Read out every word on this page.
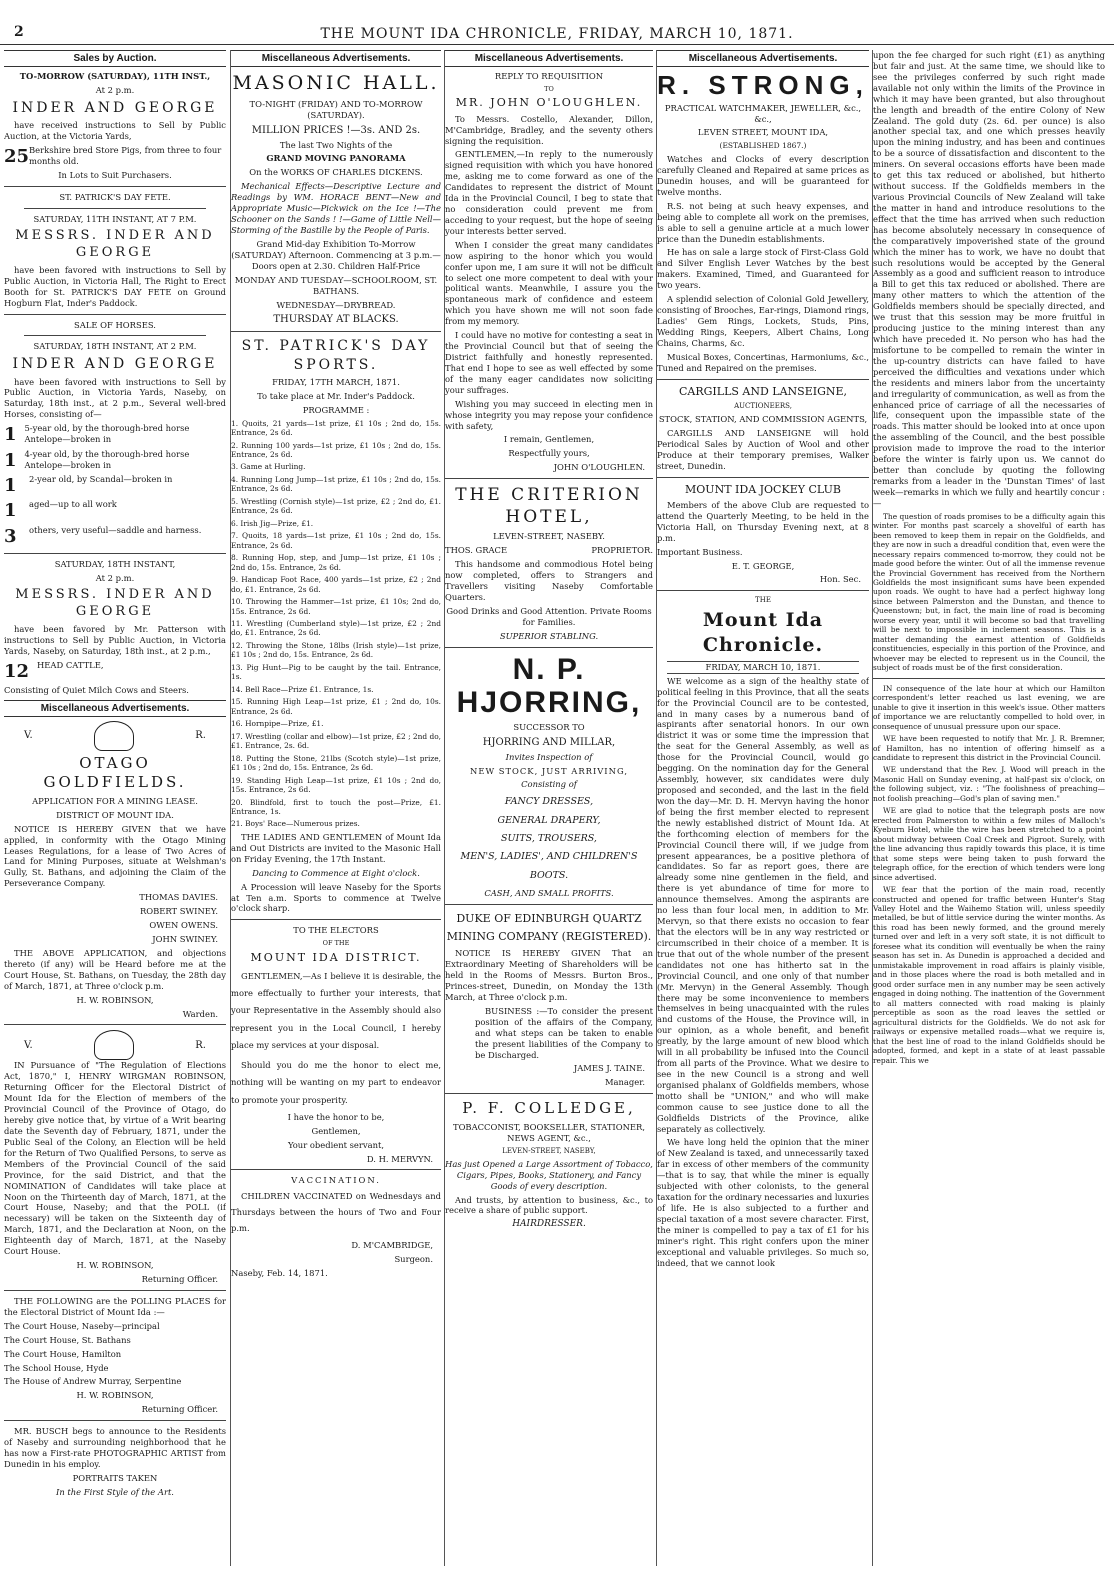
2	THE MOUNT IDA CHRONICLE, FRIDAY, MARCH 10, 1871.
Sales by Auction.

TO-MORROW (SATURDAY), 11TH INST.,

At 2 p.m.

INDER AND GEORGE

have received instructions to Sell by Public Auction, at the Victoria Yards,

25 Berkshire bred Store Pigs, from three to four months old.

In Lots to Suit Purchasers.

ST. PATRICK'S DAY FETE.

SATURDAY, 11TH INSTANT, AT 7 P.M.

MESSRS. INDER AND GEORGE

have been favored with instructions to Sell by Public Auction, in Victoria Hall, The Right to Erect Booth for St. PATRICK'S DAY FETE on Ground Hogburn Flat, Inder's Paddock.

SALE OF HORSES.

SATURDAY, 18TH INSTANT, AT 2 P.M.

INDER AND GEORGE

have been favored with instructions to Sell by Public Auction, in Victoria Yards, Naseby, on Saturday, 18th inst., at 2 p.m., Several well-bred Horses, consisting of—

1 5-year old, by the thorough-bred horse Antelope—broken in
1 4-year old, by the thorough-bred horse Antelope—broken in
1	2-year old, by Scandal—broken in
1	aged—up to all work
3	others, very useful—saddle and harness.

SATURDAY, 18TH INSTANT,

At 2 p.m.

MESSRS. INDER AND GEORGE

have been favored by Mr. Patterson with instructions to Sell by Public Auction, in Victoria Yards, Naseby, on Saturday, 18th inst., at 2 p.m.,

12 HEAD CATTLE,

Consisting of Quiet Milch Cows and Steers.

Miscellaneous Advertisements.
V.	R.

OTAGO GOLDFIELDS.

APPLICATION FOR A MINING LEASE.

DISTRICT OF MOUNT IDA.

NOTICE IS HEREBY GIVEN that we have applied, in conformity with the Otago Mining Leases Regulations, for a lease of Two Acres of Land for Mining Purposes, situate at Welshman's Gully, St. Bathans, and adjoining the Claim of the Perseverance Company.

THOMAS DAVIES.

ROBERT SWINEY.

OWEN OWENS.

JOHN SWINEY.

THE ABOVE APPLICATION, and objections thereto (if any) will be Heard before me at the Court House, St. Bathans, on Tuesday, the 28th day of March, 1871, at Three o'clock p.m.

H. W. ROBINSON,

Warden.

V.	R.

IN Pursuance of "The Regulation of Elections Act, 1870," I, HENRY WIRGMAN ROBINSON, Returning Officer for the Electoral District of Mount Ida for the Election of members of the Provincial Council of the Province of Otago, do hereby give notice that, by virtue of a Writ bearing date the Seventh day of February, 1871, under the Public Seal of the Colony, an Election will be held for the Return of Two Qualified Persons, to serve as Members of the Provincial Council of the said Province, for the said District, and that the NOMINATION of Candidates will take place at Noon on the Thirteenth day of March, 1871, at the Court House, Naseby; and that the POLL (if necessary) will be taken on the Sixteenth day of March, 1871, and the Declaration at Noon, on the Eighteenth day of March, 1871, at the Naseby Court House.

H. W. ROBINSON,

Returning Officer.

THE FOLLOWING are the POLLING PLACES for the Electoral District of Mount Ida :—

The Court House, Naseby—principal

The Court House, St. Bathans

The Court House, Hamilton

The School House, Hyde

The House of Andrew Murray, Serpentine

H. W. ROBINSON,

Returning Officer.

MR. BUSCH begs to announce to the Residents of Naseby and surrounding neighborhood that he has now a First-rate PHOTOGRAPHIC ARTIST from Dunedin in his employ.

PORTRAITS TAKEN

In the First Style of the Art.

Miscellaneous Advertisements.

MASONIC HALL.

TO-NIGHT (FRIDAY) AND TO-MORROW (SATURDAY).

MILLION PRICES !—3s. AND 2s.

The last Two Nights of the

GRAND MOVING PANORAMA

On the WORKS OF CHARLES DICKENS.

Mechanical Effects—Descriptive Lecture and Readings by WM. HORACE BENT—New and Appropriate Music—Pickwick on the Ice !—The Schooner on the Sands ! !—Game of Little Nell—Storming of the Bastille by the People of Paris.

Grand Mid-day Exhibition To-Morrow (SATURDAY) Afternoon. Commencing at 3 p.m.—Doors open at 2.30. Children Half-Price

MONDAY AND TUESDAY—SCHOOLROOM, ST. BATHANS.

WEDNESDAY—DRYBREAD.

THURSDAY AT BLACKS.

ST. PATRICK'S DAY SPORTS.

FRIDAY, 17TH MARCH, 1871.

To take place at Mr. Inder's Paddock.

PROGRAMME :

1. Quoits, 21 yards—1st prize, £1 10s ; 2nd do, 15s. Entrance, 2s 6d.

2. Running 100 yards—1st prize, £1 10s ; 2nd do, 15s. Entrance, 2s 6d.

3. Game at Hurling.

4. Running Long Jump—1st prize, £1 10s ; 2nd do, 15s. Entrance, 2s 6d.

5. Wrestling (Cornish style)—1st prize, £2 ; 2nd do, £1. Entrance, 2s 6d.

6. Irish Jig—Prize, £1.

7. Quoits, 18 yards—1st prize, £1 10s ; 2nd do, 15s. Entrance, 2s 6d.

8. Running Hop, step, and Jump—1st prize, £1 10s ; 2nd do, 15s. Entrance, 2s 6d.

9. Handicap Foot Race, 400 yards—1st prize, £2 ; 2nd do, £1. Entrance, 2s 6d.

10. Throwing the Hammer—1st prize, £1 10s; 2nd do, 15s. Entrance, 2s 6d.

11. Wrestling (Cumberland style)—1st prize, £2 ; 2nd do, £1. Entrance, 2s 6d.

12. Throwing the Stone, 18lbs (Irish style)—1st prize, £1 10s ; 2nd do, 15s. Entrance, 2s 6d.

13. Pig Hunt—Pig to be caught by the tail. Entrance, 1s.

14. Bell Race—Prize £1. Entrance, 1s.

15. Running High Leap—1st prize, £1 ; 2nd do, 10s. Entrance, 2s 6d.

16. Hornpipe—Prize, £1.

17. Wrestling (collar and elbow)—1st prize, £2 ; 2nd do, £1. Entrance, 2s. 6d.

18. Putting the Stone, 21lbs (Scotch style)—1st prize, £1 10s ; 2nd do, 15s. Entrance, 2s 6d.

19. Standing High Leap—1st prize, £1 10s ; 2nd do, 15s. Entrance, 2s 6d.

20. Blindfold, first to touch the post—Prize, £1. Entrance, 1s.

21. Boys' Race—Numerous prizes.

THE LADIES AND GENTLEMEN of Mount Ida and Out Districts are invited to the Masonic Hall on Friday Evening, the 17th Instant.

Dancing to Commence at Eight o'clock.

A Procession will leave Naseby for the Sports at Ten a.m. Sports to commence at Twelve o'clock sharp.

TO THE ELECTORS

OF THE

MOUNT IDA DISTRICT.

GENTLEMEN,—As I believe it is desirable, the more effectually to further your interests, that your Representative in the Assembly should also represent you in the Local Council, I hereby place my services at your disposal.

Should you do me the honor to elect me, nothing will be wanting on my part to endeavor to promote your prosperity.

I have the honor to be,

Gentlemen,

Your obedient servant,

D. H. MERVYN.

VACCINATION.

CHILDREN VACCINATED on Wednesdays and Thursdays between the hours of Two and Four p.m.

D. M'CAMBRIDGE,

Surgeon.

Naseby, Feb. 14, 1871.

Miscellaneous Advertisements.

REPLY TO REQUISITION

TO

MR. JOHN O'LOUGHLEN.

To Messrs. Costello, Alexander, Dillon, M'Cambridge, Bradley, and the seventy others signing the requisition.

GENTLEMEN,—In reply to the numerously signed requisition with which you have honored me, asking me to come forward as one of the Candidates to represent the district of Mount Ida in the Provincial Council, I beg to state that no consideration could prevent me from acceding to your request, but the hope of seeing your interests better served.

When I consider the great many candidates now aspiring to the honor which you would confer upon me, I am sure it will not be difficult to select one more competent to deal with your political wants. Meanwhile, I assure you the spontaneous mark of confidence and esteem which you have shown me will not soon fade from my memory.

I could have no motive for contesting a seat in the Provincial Council but that of seeing the District faithfully and honestly represented. That end I hope to see as well effected by some of the many eager candidates now soliciting your suffrages.

Wishing you may succeed in electing men in whose integrity you may repose your confidence with safety,

I remain, Gentlemen,

Respectfully yours,

JOHN O'LOUGHLEN.

THE CRITERION HOTEL,

LEVEN-STREET, NASEBY.

THOS. GRACE	PROPRIETOR.

This handsome and commodious Hotel being now completed, offers to Strangers and Travellers visiting Naseby Comfortable Quarters.

Good Drinks and Good Attention. Private Rooms for Families.

SUPERIOR STABLING.

N. P. HJORRING,

SUCCESSOR TO

HJORRING AND MILLAR,

Invites Inspection of

NEW STOCK, JUST ARRIVING,

Consisting of

FANCY DRESSES,

GENERAL DRAPERY,

SUITS, TROUSERS,

MEN'S, LADIES', AND CHILDREN'S

BOOTS.

CASH, AND SMALL PROFITS.

DUKE OF EDINBURGH QUARTZ MINING COMPANY (REGISTERED).

NOTICE IS HEREBY GIVEN That an Extraordinary Meeting of Shareholders will be held in the Rooms of Messrs. Burton Bros., Princes-street, Dunedin, on Monday the 13th March, at Three o'clock p.m.

BUSINESS :—To consider the present position of the affairs of the Company, and what steps can be taken to enable the present liabilities of the Company to be Discharged.

JAMES J. TAINE.

Manager.

P. F. COLLEDGE,

TOBACCONIST, BOOKSELLER, STATIONER, NEWS AGENT, &c.,

LEVEN-STREET, NASEBY,

Has just Opened a Large Assortment of Tobacco, Cigars, Pipes, Books, Stationery, and Fancy Goods of every description.

And trusts, by attention to business, &c., to receive a share of public support.

HAIRDRESSER.

Miscellaneous Advertisements.

R. STRONG,

PRACTICAL WATCHMAKER, JEWELLER, &c., &c.,

LEVEN STREET, MOUNT IDA,

(ESTABLISHED 1867.)

Watches and Clocks of every description carefully Cleaned and Repaired at same prices as Dunedin houses, and will be guaranteed for twelve months.

R.S. not being at such heavy expenses, and being able to complete all work on the premises, is able to sell a genuine article at a much lower price than the Dunedin establishments.

He has on sale a large stock of First-Class Gold and Silver English Lever Watches by the best makers. Examined, Timed, and Guaranteed for two years.

A splendid selection of Colonial Gold Jewellery, consisting of Brooches, Ear-rings, Diamond rings, Ladies' Gem Rings, Lockets, Studs, Pins, Wedding Rings, Keepers, Albert Chains, Long Chains, Charms, &c.

Musical Boxes, Concertinas, Harmoniums, &c., Tuned and Repaired on the premises.

CARGILLS AND LANSEIGNE,

AUCTIONEERS,

STOCK, STATION, AND COMMISSION AGENTS,

CARGILLS AND LANSEIGNE will hold Periodical Sales by Auction of Wool and other Produce at their temporary premises, Walker street, Dunedin.

MOUNT IDA JOCKEY CLUB

Members of the above Club are requested to attend the Quarterly Meeting, to be held in the Victoria Hall, on Thursday Evening next, at 8 p.m.

Important Business.

E. T. GEORGE,

Hon. Sec.

THE

Mount Ida Chronicle.

FRIDAY, MARCH 10, 1871.

WE welcome as a sign of the healthy state of political feeling in this Province, that all the seats for the Provincial Council are to be contested, and in many cases by a numerous band of aspirants after senatorial honors. In our own district it was or some time the impression that the seat for the General Assembly, as well as those for the Provincial Council, would go begging. On the nomination day for the General Assembly, however, six candidates were duly proposed and seconded, and the last in the field won the day—Mr. D. H. Mervyn having the honor of being the first member elected to represent the newly established district of Mount Ida. At the forthcoming election of members for the Provincial Council there will, if we judge from present appearances, be a positive plethora of candidates. So far as report goes, there are already some nine gentlemen in the field, and there is yet abundance of time for more to announce themselves. Among the aspirants are no less than four local men, in addition to Mr. Mervyn, so that there exists no occasion to fear that the electors will be in any way restricted or circumscribed in their choice of a member. It is true that out of the whole number of the present candidates not one has hitherto sat in the Provincial Council, and one only of that number (Mr. Mervyn) in the General Assembly. Though there may be some inconvenience to members themselves in being unacquainted with the rules and customs of the House, the Province will, in our opinion, as a whole benefit, and benefit greatly, by the large amount of new blood which will in all probability be infused into the Council from all parts of the Province. What we desire to see in the new Council is a strong and well organised phalanx of Goldfields members, whose motto shall be "UNION," and who will make common cause to see justice done to all the Goldfields Districts of the Province, alike separately as collectively.

We have long held the opinion that the miner of New Zealand is taxed, and unnecessarily taxed far in excess of other members of the community—that is to say, that while the miner is equally subjected with other colonists, to the general taxation for the ordinary necessaries and luxuries of life. He is also subjected to a further and special taxation of a most severe character. First, the miner is compelled to pay a tax of £1 for his miner's right. This right confers upon the miner exceptional and valuable privileges. So much so, indeed, that we cannot look

upon the fee charged for such right (£1) as anything but fair and just. At the same time, we should like to see the privileges conferred by such right made available not only within the limits of the Province in which it may have been granted, but also throughout the length and breadth of the entire Colony of New Zealand. The gold duty (2s. 6d. per ounce) is also another special tax, and one which presses heavily upon the mining industry, and has been and continues to be a source of dissatisfaction and discontent to the miners. On several occasions efforts have been made to get this tax reduced or abolished, but hitherto without success. If the Goldfields members in the various Provincial Councils of New Zealand will take the matter in hand and introduce resolutions to the effect that the time has arrived when such reduction has become absolutely necessary in consequence of the comparatively impoverished state of the ground which the miner has to work, we have no doubt that such resolutions would be accepted by the General Assembly as a good and sufficient reason to introduce a Bill to get this tax reduced or abolished. There are many other matters to which the attention of the Goldfields members should be specially directed, and we trust that this session may be more fruitful in producing justice to the mining interest than any which have preceded it. No person who has had the misfortune to be compelled to remain the winter in the up-country districts can have failed to have perceived the difficulties and vexations under which the residents and miners labor from the uncertainty and irregularity of communication, as well as from the enhanced price of carriage of all the necessaries of life, consequent upon the impassible state of the roads. This matter should be looked into at once upon the assembling of the Council, and the best possible provision made to improve the road to the interior before the winter is fairly upon us. We cannot do better than conclude by quoting the following remarks from a leader in the 'Dunstan Times' of last week—remarks in which we fully and heartily concur :—

The question of roads promises to be a difficulty again this winter. For months past scarcely a shovelful of earth has been removed to keep them in repair on the Goldfields, and they are now in such a dreadful condition that, even were the necessary repairs commenced to-morrow, they could not be made good before the winter. Out of all the immense revenue the Provincial Government has received from the Northern Goldfields the most insignificant sums have been expended upon roads. We ought to have had a perfect highway long since between Palmerston and the Dunstan, and thence to Queenstown; but, in fact, the main line of road is becoming worse every year, until it will become so bad that travelling will be next to impossible in inclement seasons. This is a matter demanding the earnest attention of Goldfields constituencies, especially in this portion of the Province, and whoever may be elected to represent us in the Council, the subject of roads must be of the first consideration.

IN consequence of the late hour at which our Hamilton correspondent's letter reached us last evening, we are unable to give it insertion in this week's issue. Other matters of importance we are reluctantly compelled to hold over, in consequence of unusual pressure upon our space.

WE have been requested to notify that Mr. J. R. Bremner, of Hamilton, has no intention of offering himself as a candidate to represent this district in the Provincial Council.

WE understand that the Rev. J. Wood will preach in the Masonic Hall on Sunday evening, at half-past six o'clock, on the following subject, viz. : "The foolishness of preaching—not foolish preaching—God's plan of saving men."

WE are glad to notice that the telegraph posts are now erected from Palmerston to within a few miles of Malloch's Kyeburn Hotel, while the wire has been stretched to a point about midway between Coal Creek and Pigroot. Surely, with the line advancing thus rapidly towards this place, it is time that some steps were being taken to push forward the telegraph office, for the erection of which tenders were long since advertised.

WE fear that the portion of the main road, recently constructed and opened for traffic between Hunter's Stag Valley Hotel and the Waihemo Station will, unless speedily metalled, be but of little service during the winter months. As this road has been newly formed, and the ground merely turned over and left in a very soft state, it is not difficult to foresee what its condition will eventually be when the rainy season has set in. As Dunedin is approached a decided and unmistakable improvement in road affairs is plainly visible, and in those places where the road is both metalled and in good order surface men in any number may be seen actively engaged in doing nothing. The inattention of the Government to all matters connected with road making is plainly perceptible as soon as the road leaves the settled or agricultural districts for the Goldfields. We do not ask for railways or expensive metalled roads—what we require is, that the best line of road to the inland Goldfields should be adopted, formed, and kept in a state of at least passable repair. This we
